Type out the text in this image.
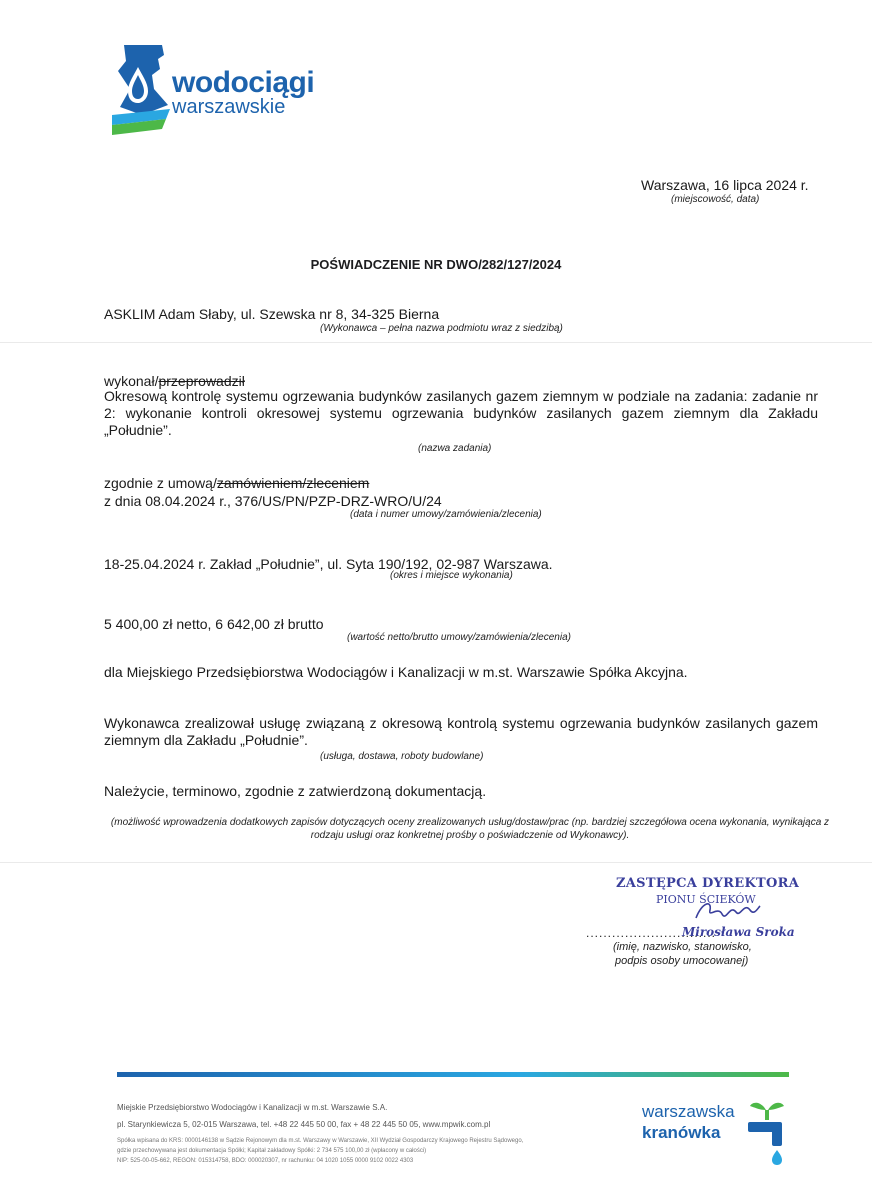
wodociągi
warszawskie
Warszawa, 16 lipca 2024 r.
(miejscowość, data)
POŚWIADCZENIE NR DWO/282/127/2024
ASKLIM Adam Słaby, ul. Szewska nr 8, 34-325 Bierna
(Wykonawca – pełna nazwa podmiotu wraz z siedzibą)
wykonał/przeprowadził
Okresową kontrolę systemu ogrzewania budynków zasilanych gazem ziemnym w podziale na zadania: zadanie nr 2: wykonanie kontroli okresowej systemu ogrzewania budynków zasilanych gazem ziemnym dla Zakładu „Południe”.
(nazwa zadania)
zgodnie z umową/zamówieniem/zleceniem
z dnia 08.04.2024 r., 376/US/PN/PZP-DRZ-WRO/U/24
(data i numer umowy/zamówienia/zlecenia)
18-25.04.2024 r. Zakład „Południe”, ul. Syta 190/192, 02-987 Warszawa.
(okres i miejsce wykonania)
5 400,00 zł netto, 6 642,00 zł brutto
(wartość netto/brutto umowy/zamówienia/zlecenia)
dla Miejskiego Przedsiębiorstwa Wodociągów i Kanalizacji w m.st. Warszawie Spółka Akcyjna.
Wykonawca zrealizował usługę związaną z okresową kontrolą systemu ogrzewania budynków zasilanych gazem ziemnym dla Zakładu „Południe”.
(usługa, dostawa, roboty budowlane)
Należycie, terminowo, zgodnie z zatwierdzoną dokumentacją.
(możliwość wprowadzenia dodatkowych zapisów dotyczących oceny zrealizowanych usług/dostaw/prac (np. bardziej szczegółowa ocena wykonania, wynikająca z rodzaju usługi oraz konkretnej prośby o poświadczenie od Wykonawcy).
ZASTĘPCA DYREKTORA
PIONU ŚCIEKÓW
..............................
Mirosława Sroka
(imię, nazwisko, stanowisko,
podpis osoby umocowanej)
Miejskie Przedsiębiorstwo Wodociągów i Kanalizacji w m.st. Warszawie S.A.
pl. Starynkiewicza 5, 02-015 Warszawa, tel. +48 22 445 50 00, fax + 48 22 445 50 05, www.mpwik.com.pl
Spółka wpisana do KRS: 0000146138 w Sądzie Rejonowym dla m.st. Warszawy w Warszawie, XII Wydział Gospodarczy Krajowego Rejestru Sądowego,
gdzie przechowywana jest dokumentacja Spółki; Kapitał zakładowy Spółki: 2 734 575 100,00 zł (wpłacony w całości)
NIP: 525-00-05-662, REGON: 015314758, BDO: 000020307, nr rachunku: 04 1020 1055 0000 9102 0022 4303
warszawska
kranówka
